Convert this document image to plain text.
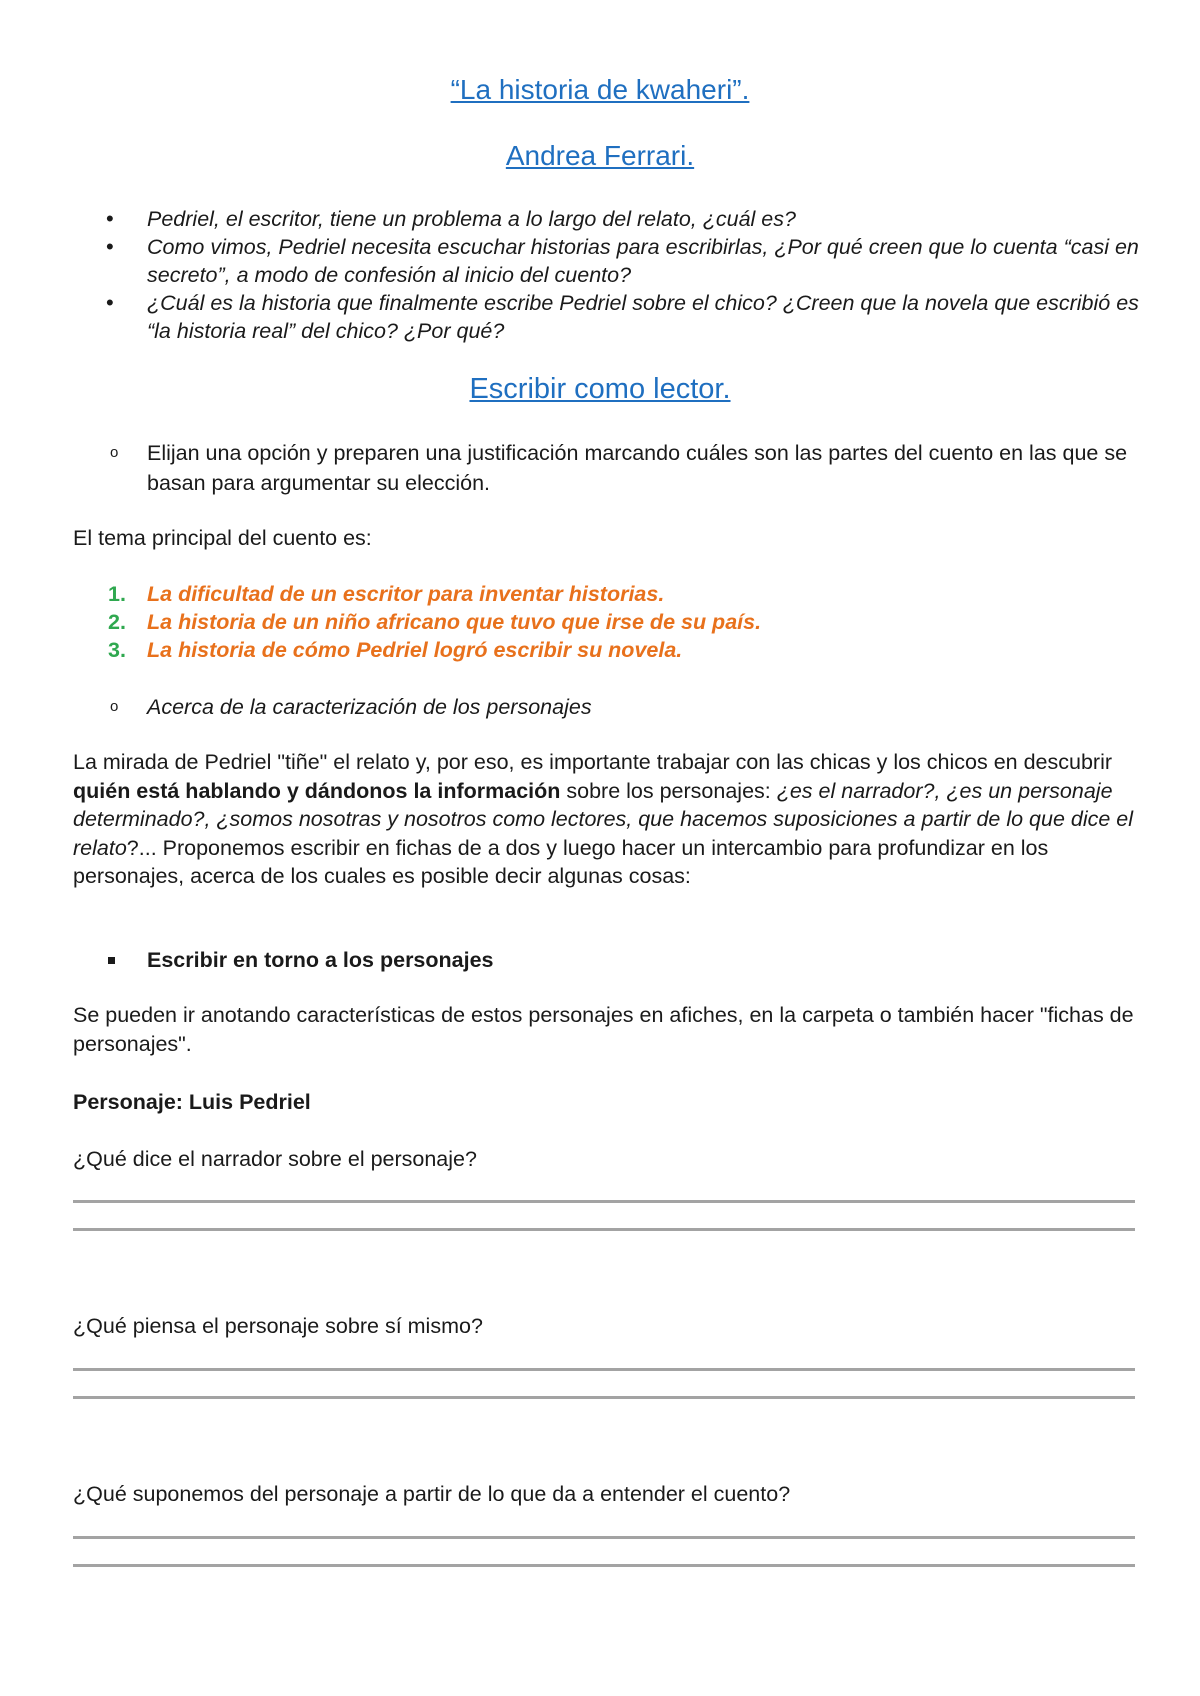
“La historia de kwaheri”.
Andrea Ferrari.
• Pedriel, el escritor, tiene un problema a lo largo del relato, ¿cuál es?
• Como vimos, Pedriel necesita escuchar historias para escribirlas, ¿Por qué creen que lo cuenta “casi en secreto”, a modo de confesión al inicio del cuento?
• ¿Cuál es la historia que finalmente escribe Pedriel sobre el chico? ¿Creen que la novela que escribió es “la historia real” del chico? ¿Por qué?
Escribir como lector.
o Elijan una opción y preparen una justificación marcando cuáles son las partes del cuento en las que se basan para argumentar su elección.

El tema principal del cuento es:

1. La dificultad de un escritor para inventar historias.
2. La historia de un niño africano que tuvo que irse de su país.
3. La historia de cómo Pedriel logró escribir su novela.
o Acerca de la caracterización de los personajes

La mirada de Pedriel "tiñe" el relato y, por eso, es importante trabajar con las chicas y los chicos en descubrir quién está hablando y dándonos la información sobre los personajes: ¿es el narrador?, ¿es un personaje determinado?, ¿somos nosotras y nosotros como lectores, que hacemos suposiciones a partir de lo que dice el relato?... Proponemos escribir en fichas de a dos y luego hacer un intercambio para profundizar en los personajes, acerca de los cuales es posible decir algunas cosas:

Escribir en torno a los personajes

Se pueden ir anotando características de estos personajes en afiches, en la carpeta o también hacer "fichas de personajes".

Personaje: Luis Pedriel

¿Qué dice el narrador sobre el personaje?

¿Qué piensa el personaje sobre sí mismo?

¿Qué suponemos del personaje a partir de lo que da a entender el cuento?
